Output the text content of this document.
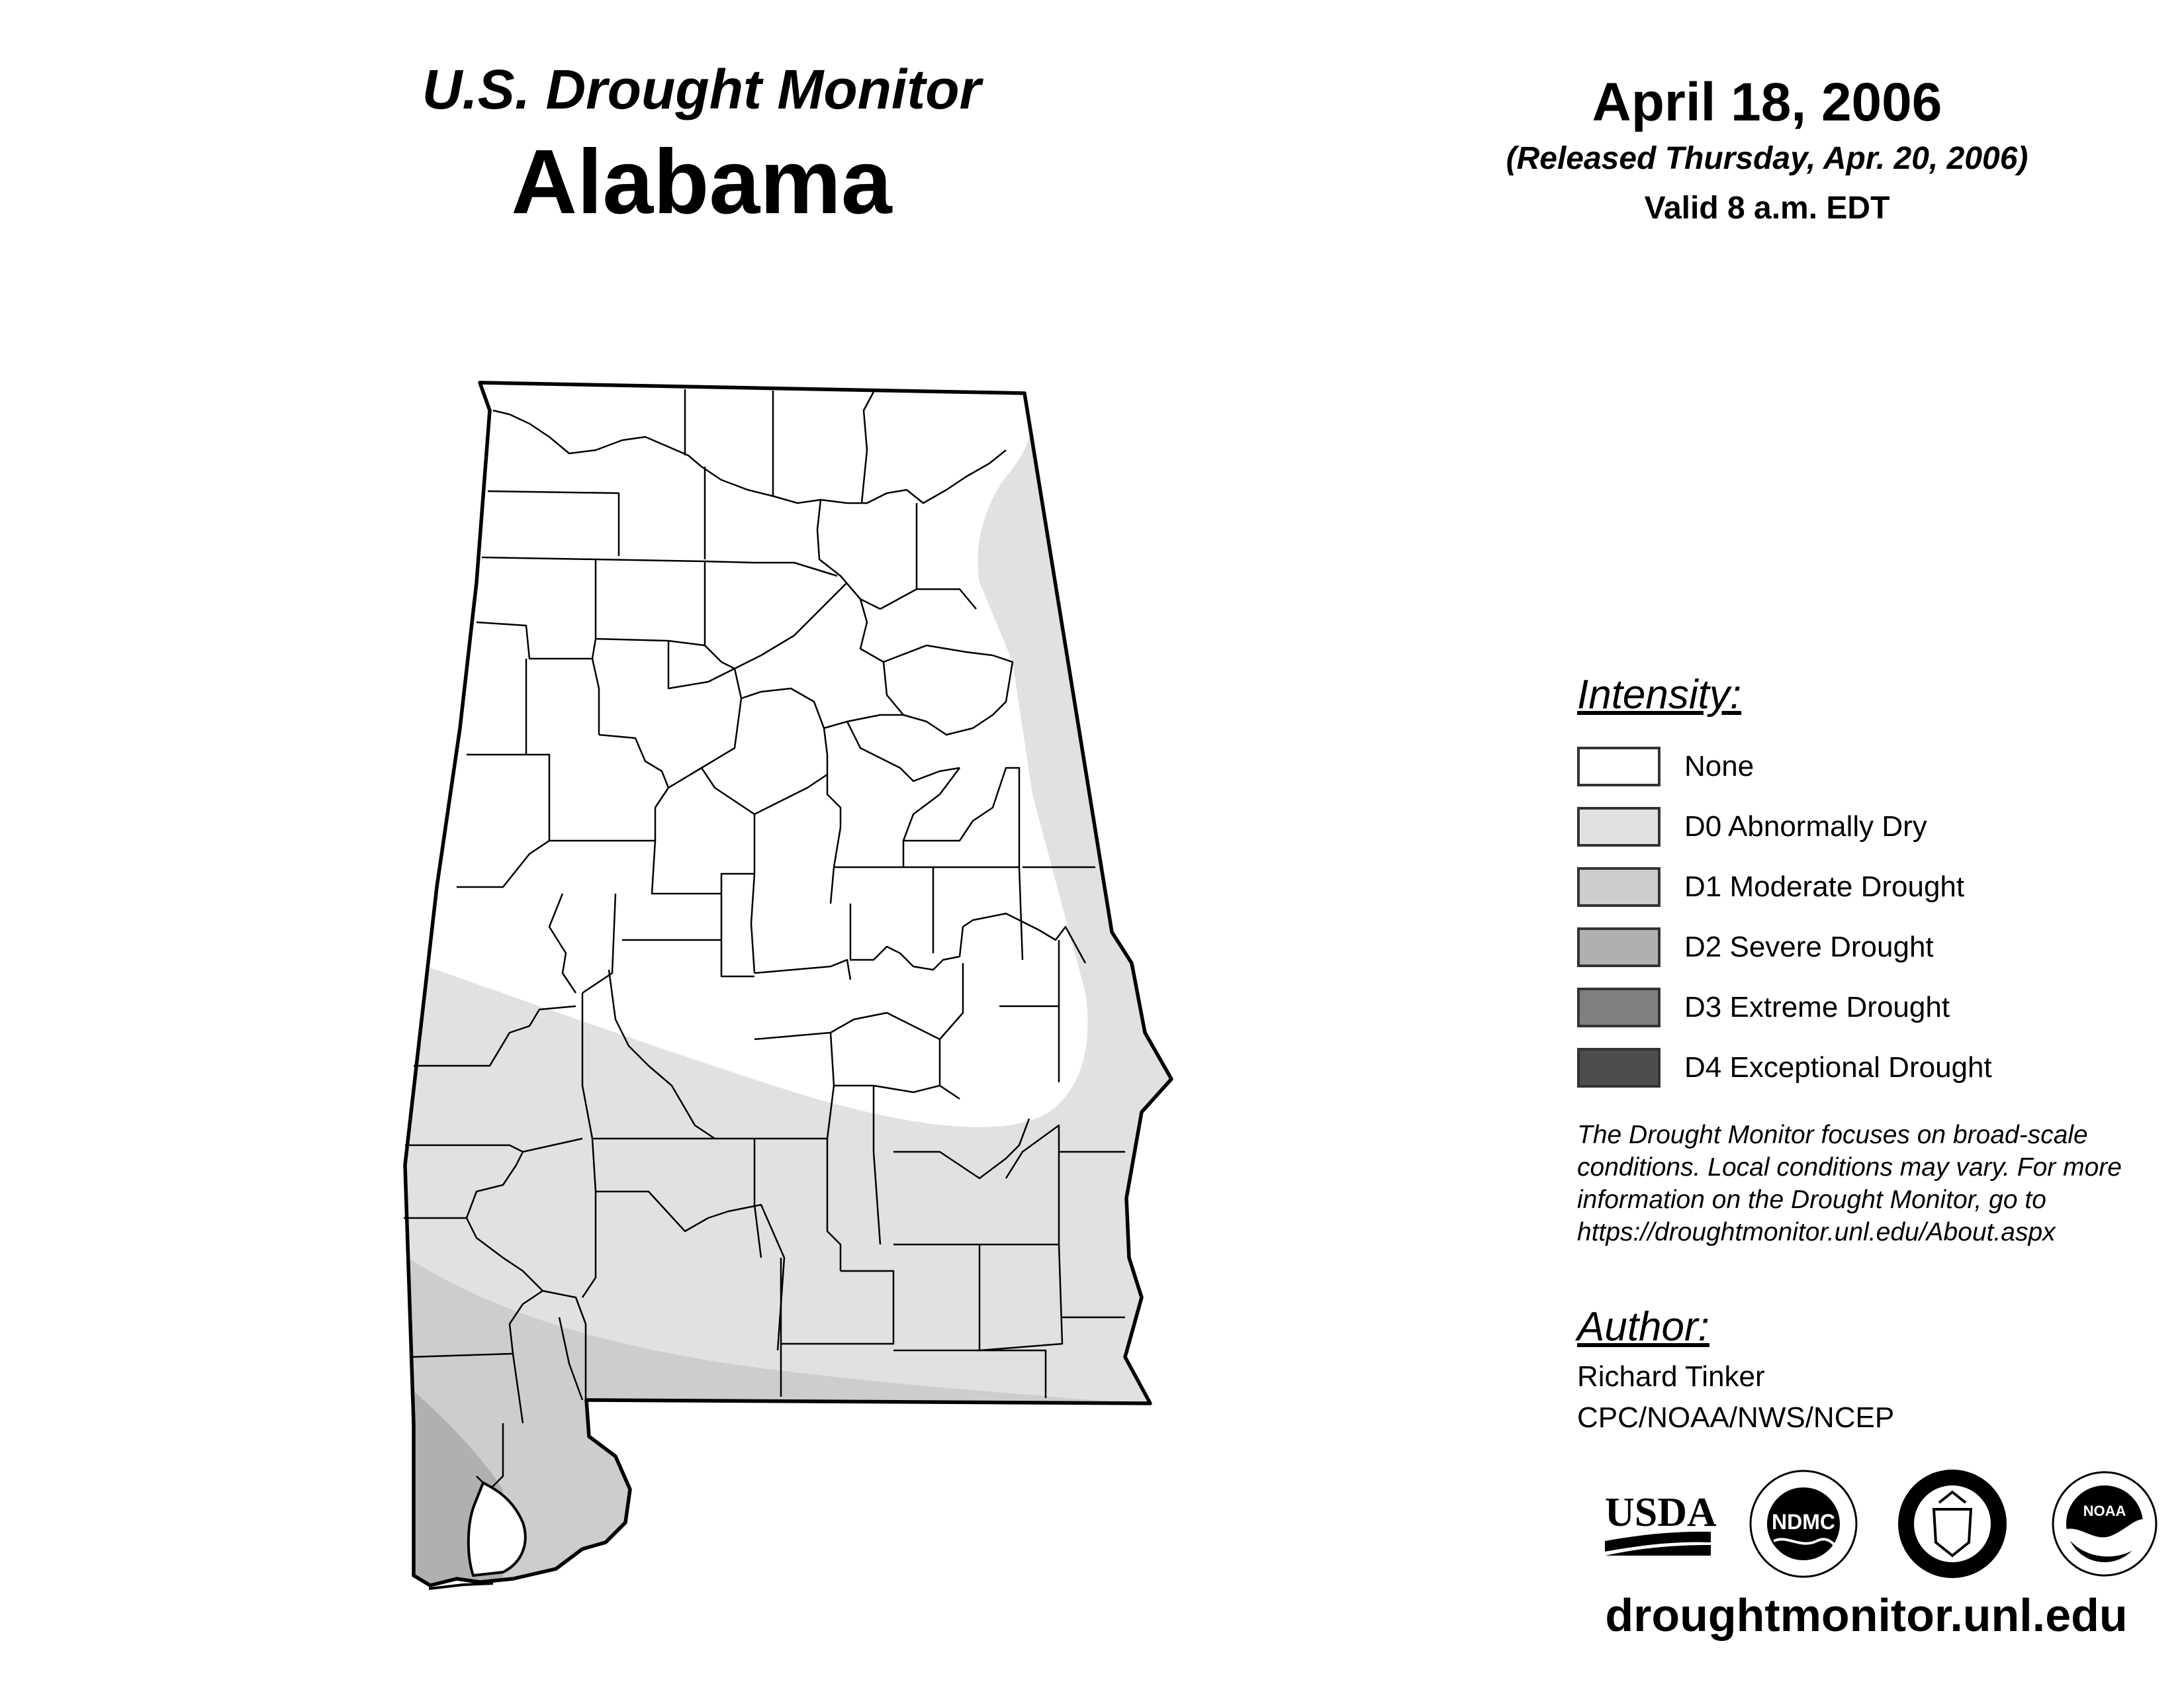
U.S. Drought Monitor
Alabama
April 18, 2006
(Released Thursday, Apr. 20, 2006)
Valid 8 a.m. EDT
Intensity:
None
D0 Abnormally Dry
D1 Moderate Drought
D2 Severe Drought
D3 Extreme Drought
D4 Exceptional Drought
The Drought Monitor focuses on broad-scale conditions. Local conditions may vary. For more information on the Drought Monitor, go to https://droughtmonitor.unl.edu/About.aspx
Author:
Richard Tinker
CPC/NOAA/NWS/NCEP
USDA	NDMC	NOAA
droughtmonitor.unl.edu
